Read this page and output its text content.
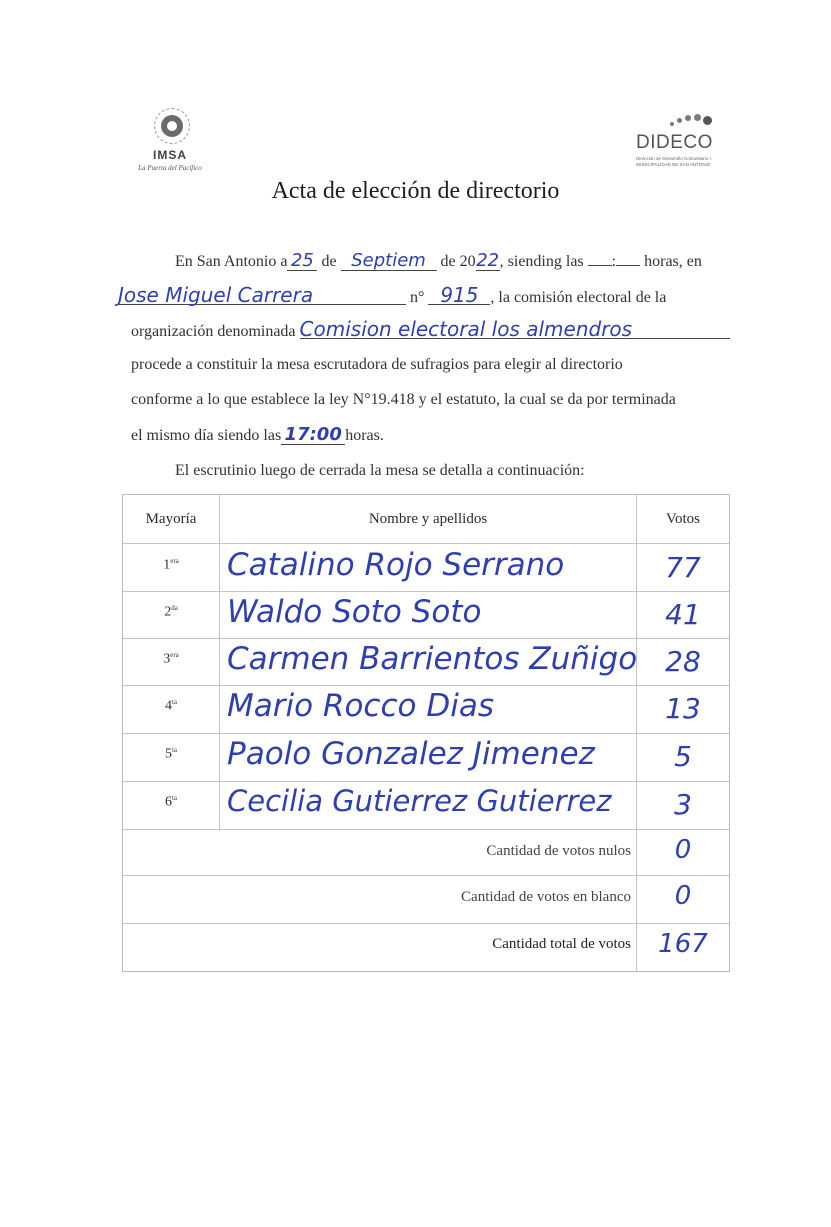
IMSA
La Puerta del Pacífico
DIDECO
Dirección de Desarrollo Comunitario I. MUNICIPALIDAD DE SAN ANTONIO
Acta de elección de directorio
En San Antonio a 25 de Septiem de 2022, siending las : horas, en
Jose Miguel Carrera	n° 915 , la comisión electoral de la
organización denominada Comision electoral los almendros
procede a constituir la mesa escrutadora de sufragios para elegir al directorio
conforme a lo que establece la ley N°19.418 y el estatuto, la cual se da por terminada
el mismo día siendo las 17:00 horas.
El escrutinio luego de cerrada la mesa se detalla a continuación:
Mayoría	Nombre y apellidos	Votos
$1^{era}$	Catalino Rojo Serrano	77
$2^{da}$	Waldo Soto Soto	41
$3^{era}$	Carmen Barrientos Zuñigo	28
$4^{ta}$	Mario Rocco Dias	13
$5^{ta}$	Paolo Gonzalez Jimenez	5
$6^{ta}$	Cecilia Gutierrez Gutierrez	3
Cantidad de votos nulos	0
Cantidad de votos en blanco	0
Cantidad total de votos	167
